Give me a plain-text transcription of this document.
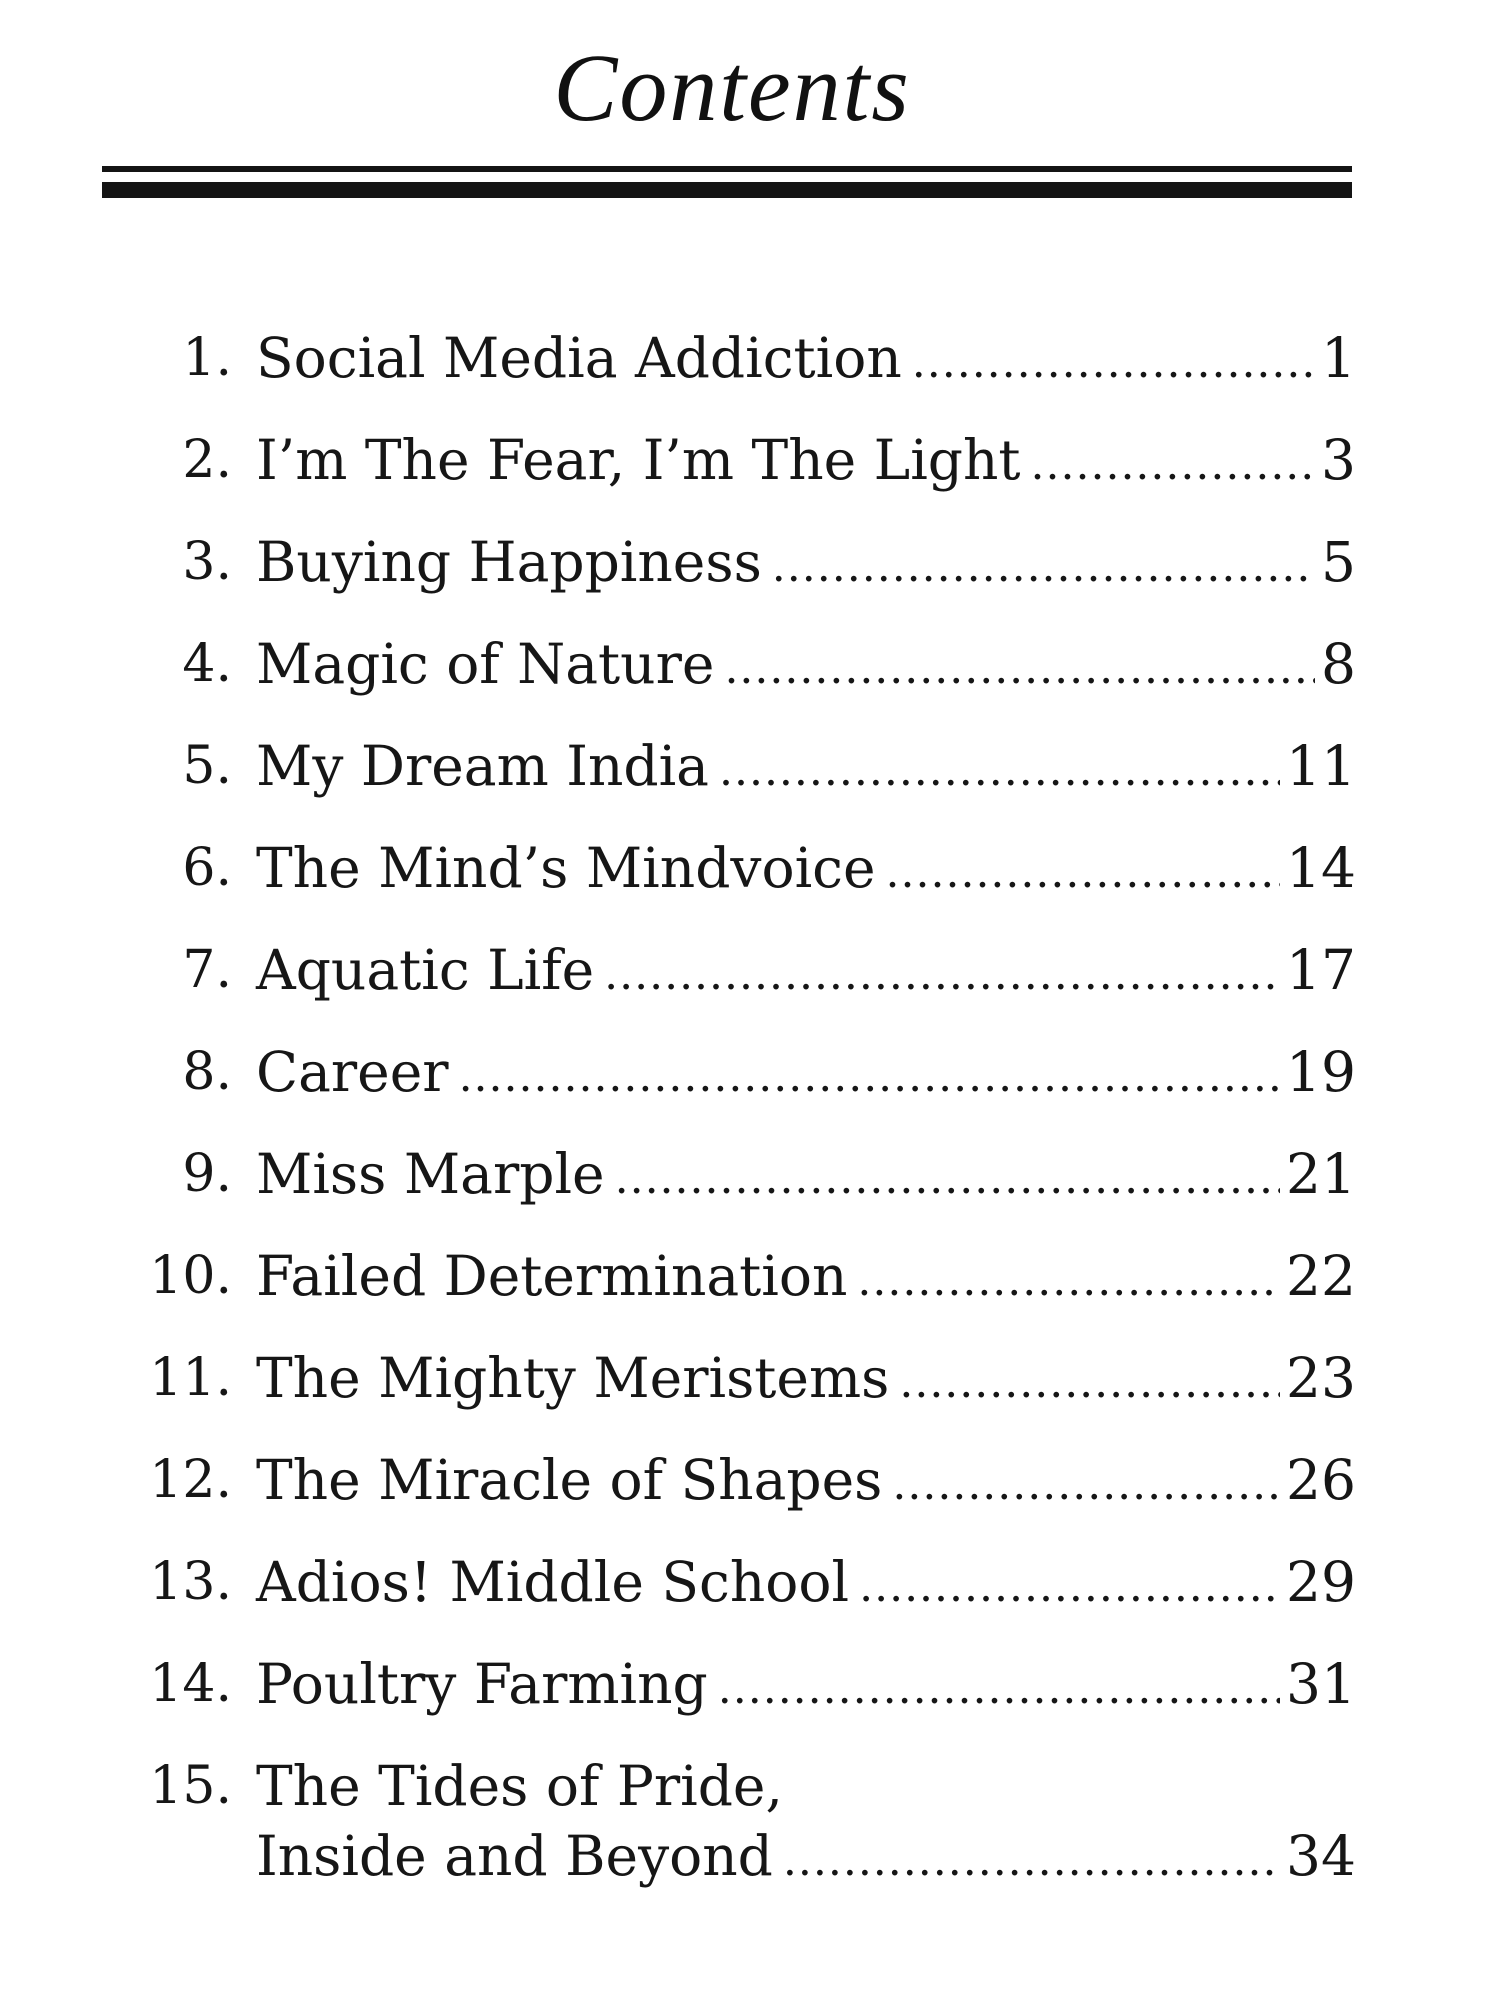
Contents
1. Social Media Addiction .....	1
2. I’m The Fear, I’m The Light .....	3
3. Buying Happiness .....	5
4. Magic of Nature .....	8
5. My Dream India .....	11
6. The Mind’s Mindvoice .....	14
7. Aquatic Life .....	17
8. Career .....	19
9. Miss Marple .....	21
10. Failed Determination .....	22
11. The Mighty Meristems .....	23
12. The Miracle of Shapes .....	26
13. Adios! Middle School .....	29
14. Poultry Farming .....	31
15. The Tides of Pride,
Inside and Beyond .....	34
